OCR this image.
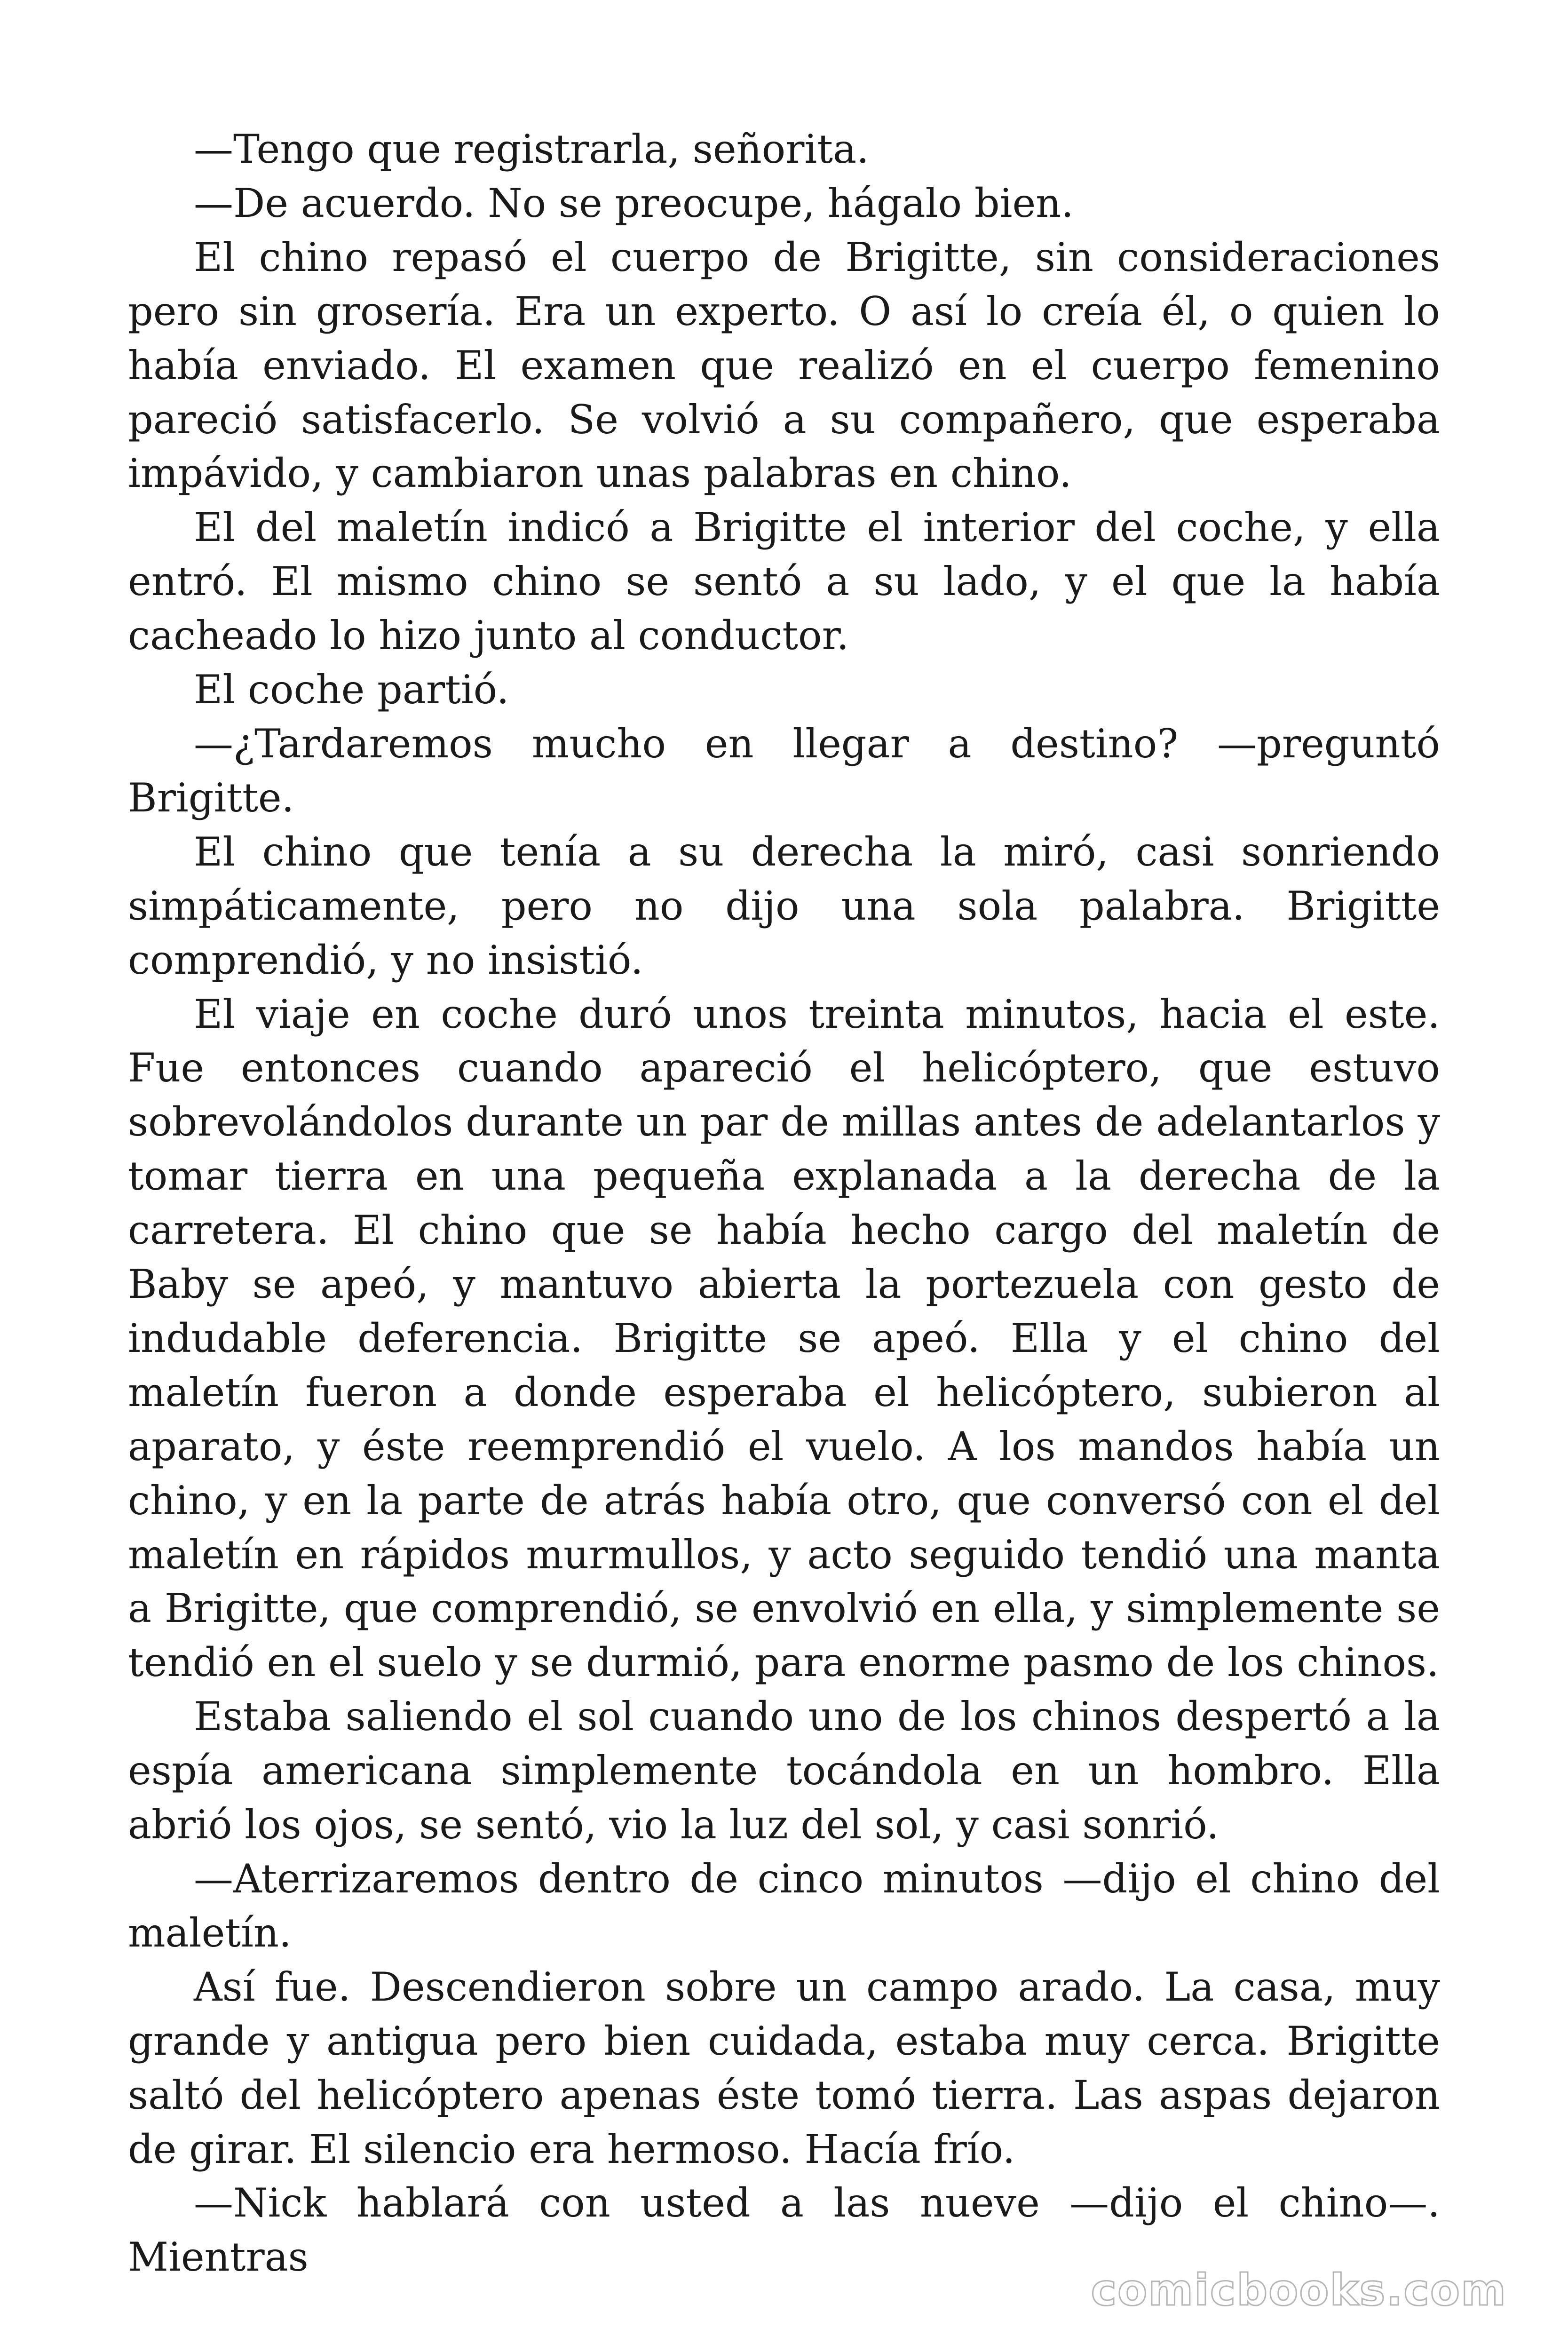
—Tengo que registrarla, señorita.

—De acuerdo. No se preocupe, hágalo bien.

El chino repasó el cuerpo de Brigitte, sin consideraciones pero sin grosería. Era un experto. O así lo creía él, o quien lo había enviado. El examen que realizó en el cuerpo femenino pareció satisfacerlo. Se volvió a su compañero, que esperaba impávido, y cambiaron unas palabras en chino.

El del maletín indicó a Brigitte el interior del coche, y ella entró. El mismo chino se sentó a su lado, y el que la había cacheado lo hizo junto al conductor.

El coche partió.

—¿Tardaremos mucho en llegar a destino? —preguntó Brigitte.

El chino que tenía a su derecha la miró, casi sonriendo simpáticamente, pero no dijo una sola palabra. Brigitte comprendió, y no insistió.

El viaje en coche duró unos treinta minutos, hacia el este. Fue entonces cuando apareció el helicóptero, que estuvo sobrevolándolos durante un par de millas antes de adelantarlos y tomar tierra en una pequeña explanada a la derecha de la carretera. El chino que se había hecho cargo del maletín de Baby se apeó, y mantuvo abierta la portezuela con gesto de indudable deferencia. Brigitte se apeó. Ella y el chino del maletín fueron a donde esperaba el helicóptero, subieron al aparato, y éste reemprendió el vuelo. A los mandos había un chino, y en la parte de atrás había otro, que conversó con el del maletín en rápidos murmullos, y acto seguido tendió una manta a Brigitte, que comprendió, se envolvió en ella, y simplemente se tendió en el suelo y se durmió, para enorme pasmo de los chinos.

Estaba saliendo el sol cuando uno de los chinos despertó a la espía americana simplemente tocándola en un hombro. Ella abrió los ojos, se sentó, vio la luz del sol, y casi sonrió.

—Aterrizaremos dentro de cinco minutos —dijo el chino del maletín.

Así fue. Descendieron sobre un campo arado. La casa, muy grande y antigua pero bien cuidada, estaba muy cerca. Brigitte saltó del helicóptero apenas éste tomó tierra. Las aspas dejaron de girar. El silencio era hermoso. Hacía frío.

—Nick hablará con usted a las nueve —dijo el chino—. Mientras

comicbooks.com
